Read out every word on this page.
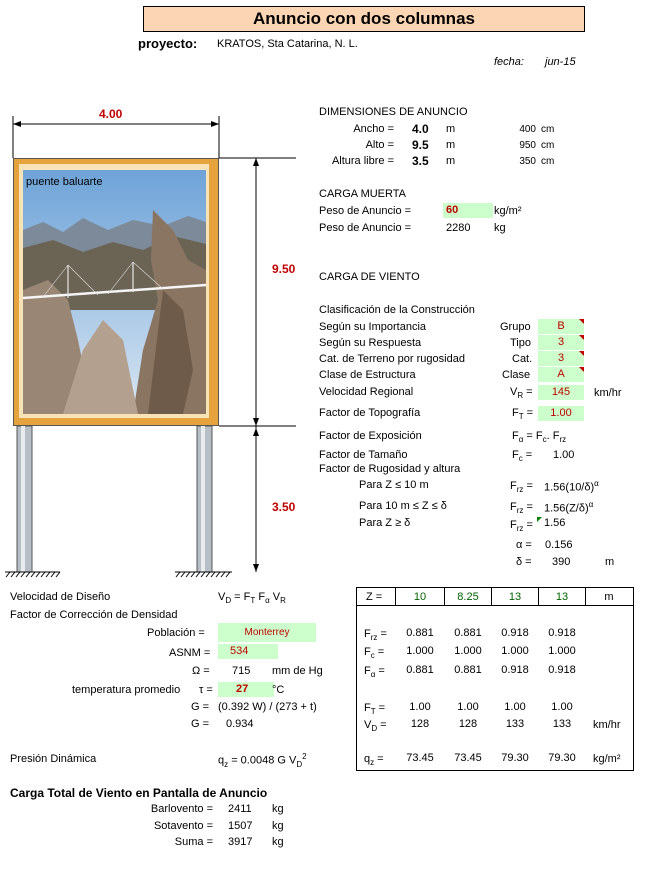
Anuncio con dos columnas
proyecto: KRATOS, Sta Catarina, N. L.
fecha: jun-15
4.00
9.50
3.50
puente baluarte
DIMENSIONES DE ANUNCIO
Ancho = 4.0 m	400 cm
Alto = 9.5 m	950 cm
Altura libre = 3.5 m	350 cm
CARGA MUERTA
Peso de Anuncio =	60	kg/m²
Peso de Anuncio =	2280 kg
CARGA DE VIENTO
Clasificación de la Construcción
Según su Importancia	Grupo	B
Según su Respuesta	Tipo	3
Cat. de Terreno por rugosidad	Cat.	3
Clase de Estructura	Clase	A
Velocidad Regional	$V_R$ =	145	km/hr
Factor de Topografía	$F_T$ =	1.00
Factor de Exposición	$F_\alpha = F_c$. $F_{rz}$
Factor de Tamaño	$F_c = 1.00$
Factor de Rugosidad y altura
Para Z ≤ 10 m	$F_{rz} = 1.56(10/\delta)^\alpha$
Para 10 m ≤ Z ≤ δ	$F_{rz} = 1.56(Z/\delta)^\alpha$
Para Z ≥ δ	$F_{rz}$ =	1.56
α = 0.156
δ = 390	m
Velocidad de Diseño	$V_D = F_T$ $F_\alpha$ $V_R$
Factor de Corrección de Densidad
Población =	Monterrey
ASNM =	534
Ω = 715 mm de Hg
temperatura promedio τ =	27	°C
G = (0.392 W) / (273 + t)
G = 0.934
Presión Dinámica	$q_z = 0.0048$ G $V_D^2$
Z =	10	8.25	13	13	m
$F_{rz}$ =	0.881	0.881	0.918	0.918
$F_c$ =	1.000	1.000	1.000	1.000
$F_\alpha$ =	0.881	0.881	0.918	0.918
$F_T$ =	1.00	1.00	1.00	1.00
$V_D$ =	128	128	133	133	km/hr
$q_z$ =	73.45	73.45	79.30	79.30	kg/m²
Carga Total de Viento en Pantalla de Anuncio
Barlovento = 2411 kg
Sotavento = 1507 kg
Suma = 3917 kg
